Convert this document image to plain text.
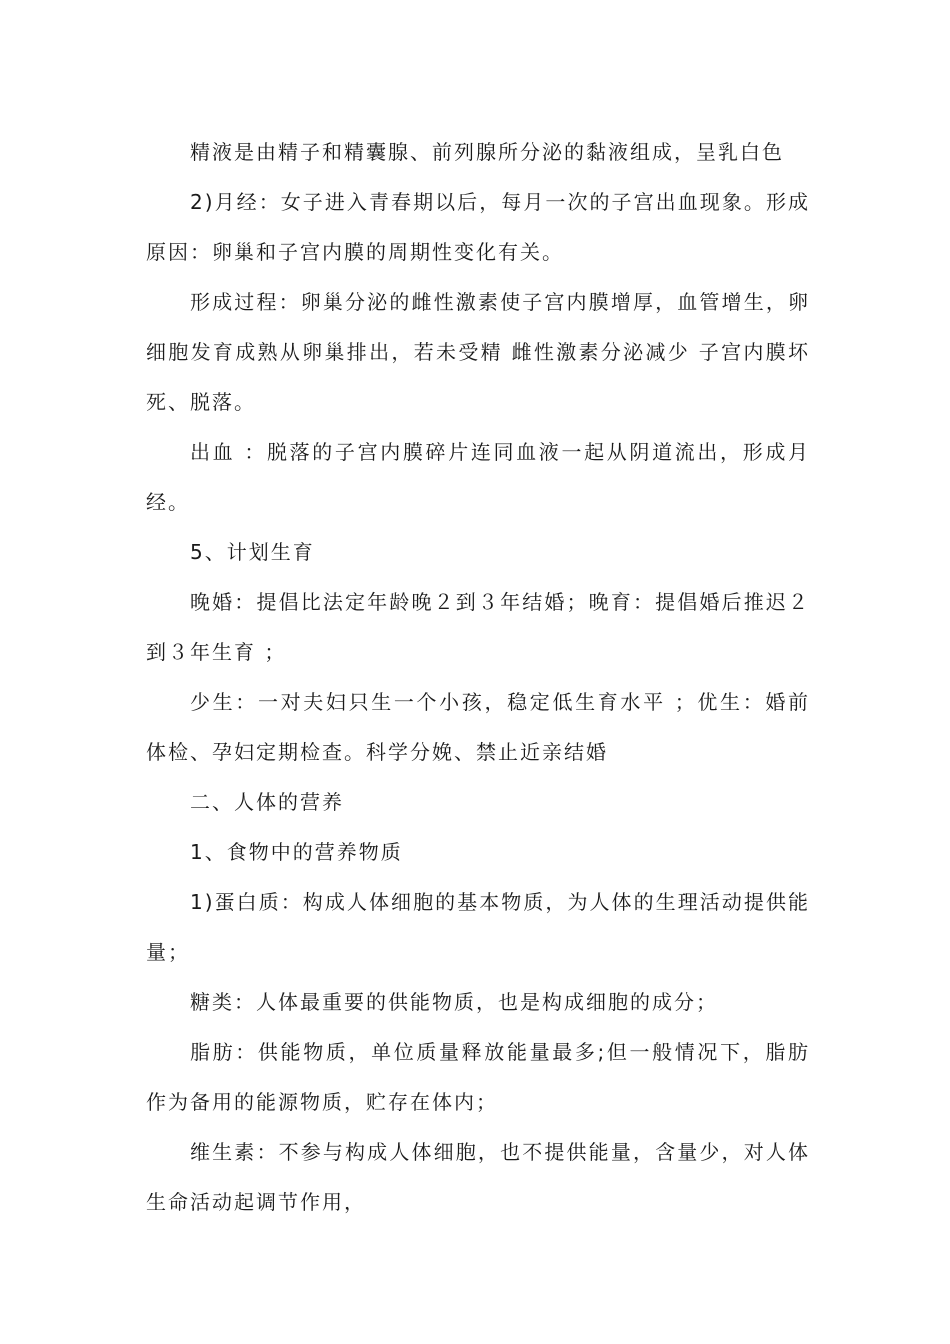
精液是由精子和精囊腺、前列腺所分泌的黏液组成，呈乳白色

2)月经：女子进入青春期以后，每月一次的子宫出血现象。形成原因：卵巢和子宫内膜的周期性变化有关。

形成过程：卵巢分泌的雌性激素使子宫内膜增厚，血管增生，卵细胞发育成熟从卵巢排出，若未受精 雌性激素分泌减少 子宫内膜坏死、脱落。

出血 ：脱落的子宫内膜碎片连同血液一起从阴道流出，形成月经。

5、计划生育

晚婚：提倡比法定年龄晚２到３年结婚；晚育：提倡婚后推迟２到３年生育 ；

少生：一对夫妇只生一个小孩，稳定低生育水平 ；优生：婚前体检、孕妇定期检查。科学分娩、禁止近亲结婚

二、人体的营养

1、食物中的营养物质

1)蛋白质：构成人体细胞的基本物质，为人体的生理活动提供能量；

糖类：人体最重要的供能物质，也是构成细胞的成分；

脂肪：供能物质，单位质量释放能量最多;但一般情况下，脂肪作为备用的能源物质，贮存在体内；

维生素：不参与构成人体细胞，也不提供能量，含量少，对人体生命活动起调节作用，
